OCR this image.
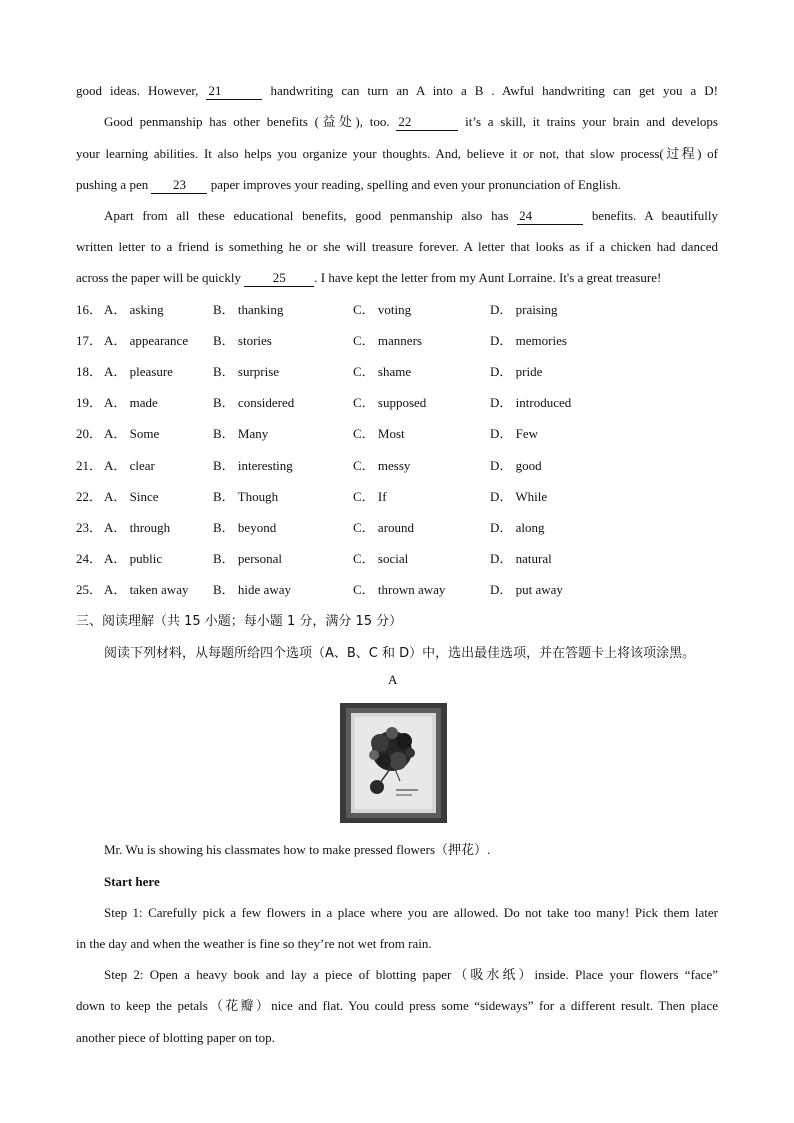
good ideas. However, 21	handwriting can turn an A into a B . Awful handwriting can get you a D!
Good penmanship has other benefits (益处), too. 22	it’s a skill, it trains your brain and develops
your learning abilities. It also helps you organize your thoughts. And, believe it or not, that slow process(过程) of
pushing a pen 23 paper improves your reading, spelling and even your pronunciation of English.
Apart from all these educational benefits, good penmanship also has 24	benefits. A beautifully
written letter to a friend is something he or she will treasure forever. A letter that looks as if a chicken had danced
across the paper will be quickly 25 . I have kept the letter from my Aunt Lorraine. It's a great treasure!
16． A． asking	B． thanking	C． voting	D． praising
17． A． appearance B． stories	C． manners	D． memories
18． A． pleasure	B． surprise	C． shame	D． pride
19． A． made	B． considered	C． supposed	D． introduced
20． A． Some	B． Many	C． Most	D． Few
21． A． clear	B． interesting	C． messy	D． good
22． A． Since	B． Though	C． If	D． While
23． A． through	B． beyond	C． around	D． along
24． A． public	B． personal	C． social	D． natural
25． A． taken away B． hide away	C． thrown away	D． put away
三、阅读理解（共 15 小题；每小题 1 分，满分 15 分）
阅读下列材料，从每题所给四个选项（A、B、C 和 D）中，选出最佳选项，并在答题卡上将该项涂黑。
A
Mr. Wu is showing his classmates how to make pressed flowers（押花）.
Start here
Step 1: Carefully pick a few flowers in a place where you are allowed. Do not take too many! Pick them later
in the day and when the weather is fine so they’re not wet from rain.
Step 2: Open a heavy book and lay a piece of blotting paper（吸水纸）inside. Place your flowers “face”
down to keep the petals（花瓣）nice and flat. You could press some “sideways” for a different result. Then place
another piece of blotting paper on top.
